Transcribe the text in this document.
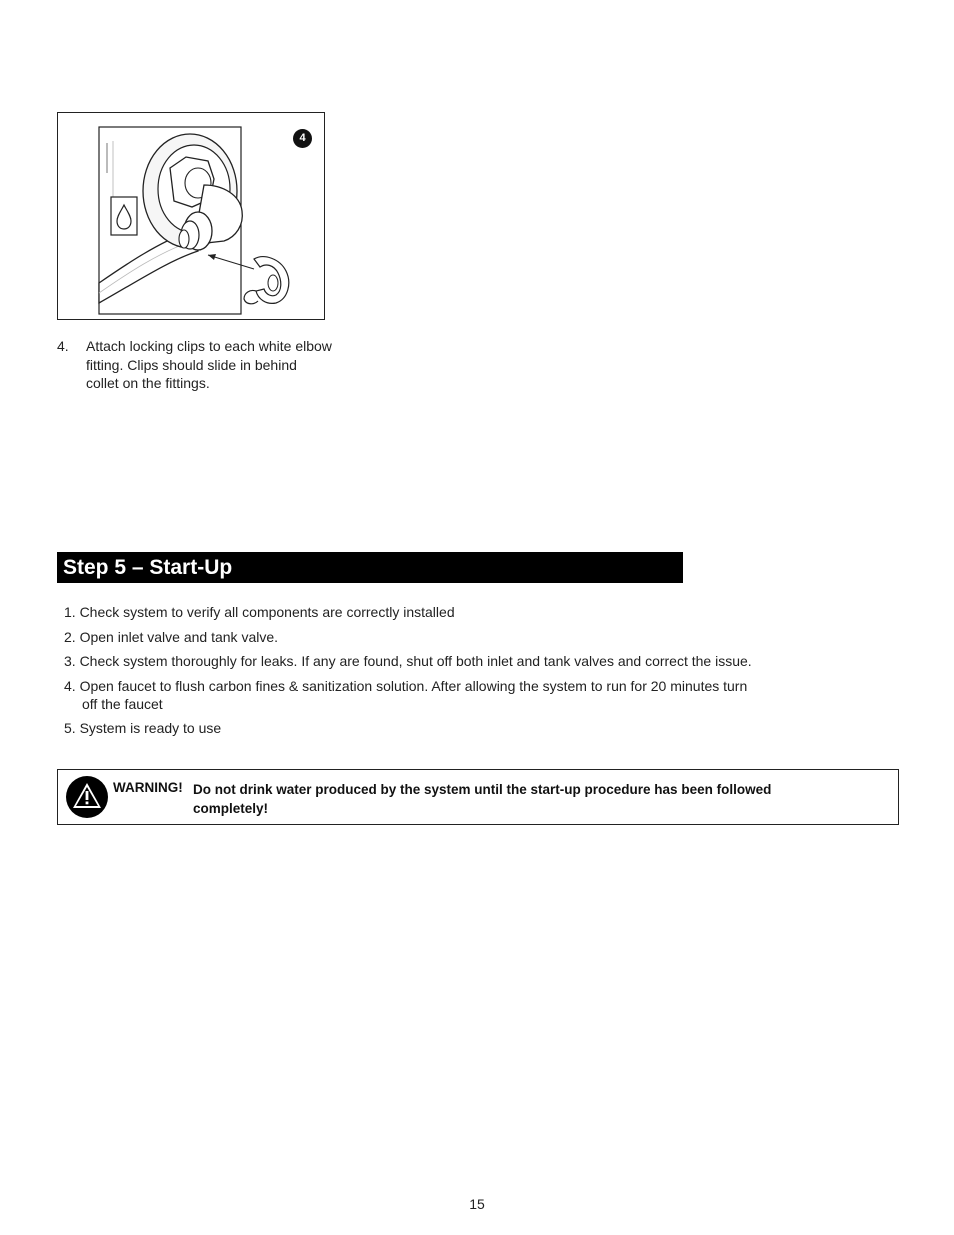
4
4. Attach locking clips to each white elbow fitting. Clips should slide in behind collet on the fittings.
Step 5 – Start-Up
1. Check system to verify all components are correctly installed
2. Open inlet valve and tank valve.
3. Check system thoroughly for leaks. If any are found, shut off both inlet and tank valves and correct the issue.
4. Open faucet to flush carbon fines & sanitization solution. After allowing the system to run for 20 minutes turn
off the faucet
5. System is ready to use
WARNING! Do not drink water produced by the system until the start-up procedure has been followed completely!
15
